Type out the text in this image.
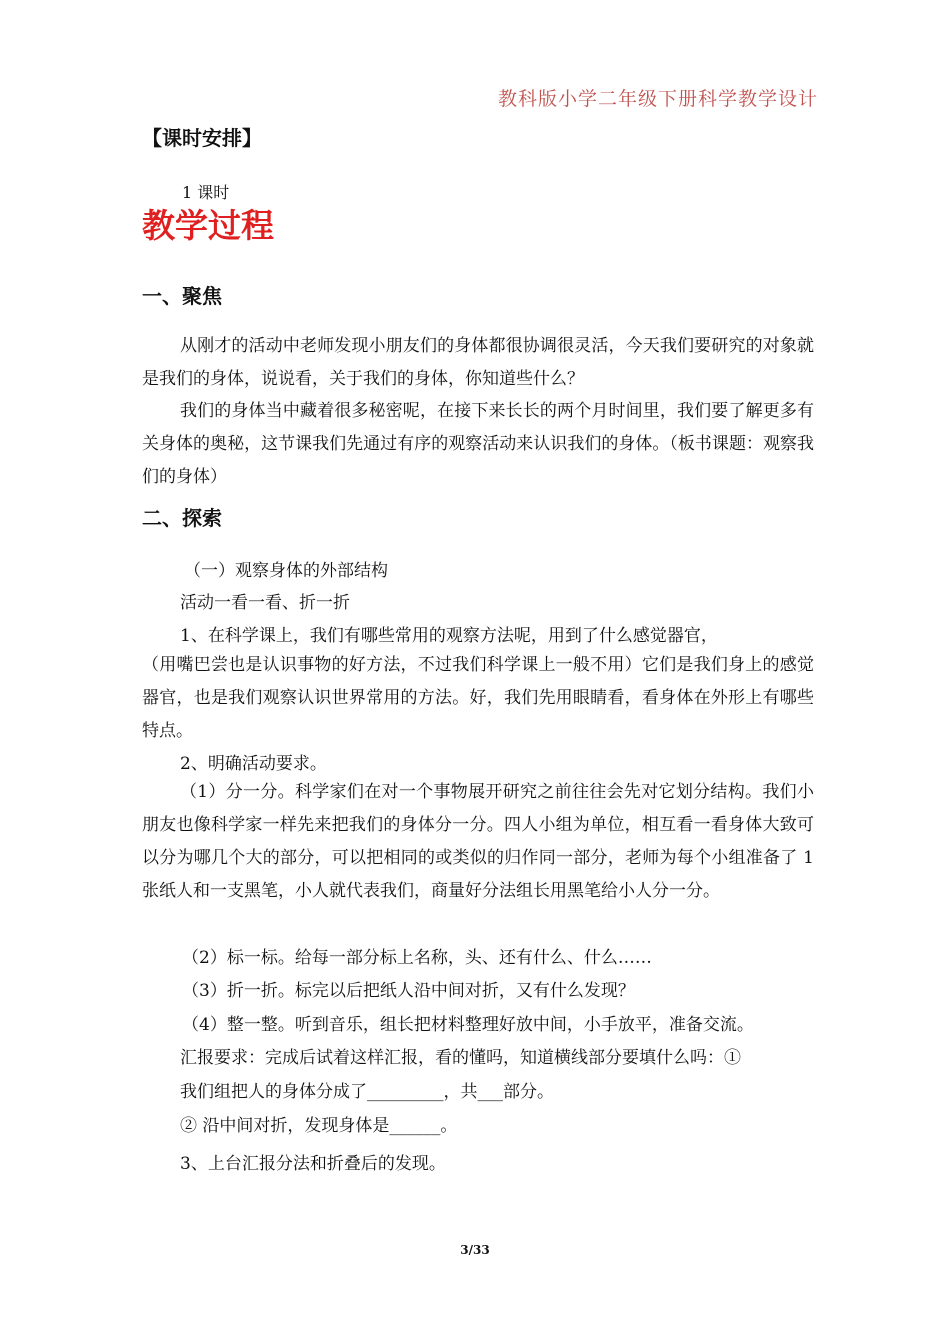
教科版小学二年级下册科学教学设计
【课时安排】
1 课时
教学过程
一、聚焦

从刚才的活动中老师发现小朋友们的身体都很协调很灵活，今天我们要研究的对象就是我们的身体，说说看，关于我们的身体，你知道些什么？

我们的身体当中藏着很多秘密呢，在接下来长长的两个月时间里，我们要了解更多有关身体的奥秘，这节课我们先通过有序的观察活动来认识我们的身体。（板书课题：观察我们的身体）

二、探索
（一）观察身体的外部结构
活动一看一看、折一折
1、在科学课上，我们有哪些常用的观察方法呢，用到了什么感觉器官，

（用嘴巴尝也是认识事物的好方法，不过我们科学课上一般不用）它们是我们身上的感觉器官，也是我们观察认识世界常用的方法。好，我们先用眼睛看，看身体在外形上有哪些特点。

2、明确活动要求。

（1）分一分。科学家们在对一个事物展开研究之前往往会先对它划分结构。我们小朋友也像科学家一样先来把我们的身体分一分。四人小组为单位，相互看一看身体大致可以分为哪几个大的部分，可以把相同的或类似的归作同一部分，老师为每个小组准备了 1 张纸人和一支黑笔，小人就代表我们，商量好分法组长用黑笔给小人分一分。

（2）标一标。给每一部分标上名称，头、还有什么、什么……
（3）折一折。标完以后把纸人沿中间对折，又有什么发现？
（4）整一整。听到音乐，组长把材料整理好放中间，小手放平，准备交流。
汇报要求：完成后试着这样汇报，看的懂吗，知道横线部分要填什么吗：①
我们组把人的身体分成了_________，共___部分。
② 沿中间对折，发现身体是______。
3、上台汇报分法和折叠后的发现。
3/33
